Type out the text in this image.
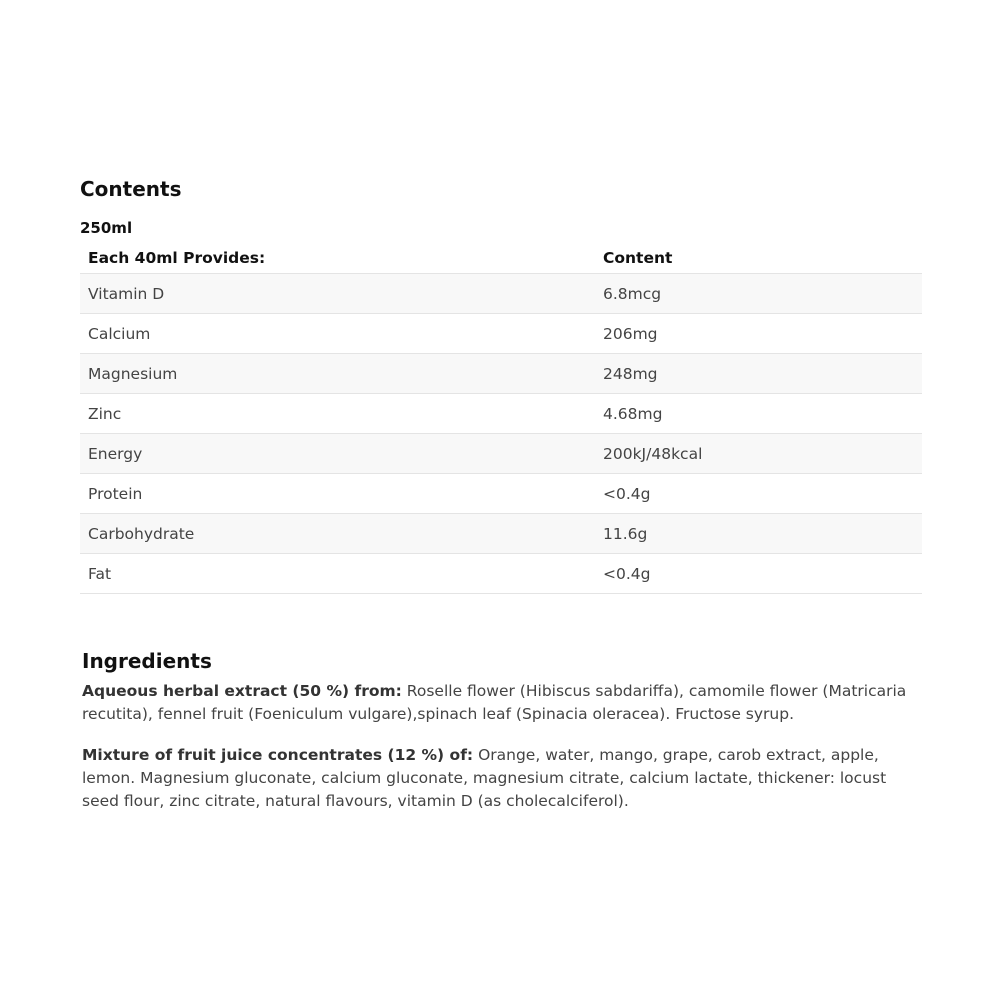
Contents
250ml
Each 40ml Provides:	Content
Vitamin D	6.8mcg
Calcium	206mg
Magnesium	248mg
Zinc	4.68mg
Energy	200kJ/48kcal
Protein	<0.4g
Carbohydrate	11.6g
Fat	<0.4g
Ingredients

Aqueous herbal extract (50 %) from: Roselle flower (Hibiscus sabdariffa), camomile flower (Matricaria recutita), fennel fruit (Foeniculum vulgare),spinach leaf (Spinacia oleracea). Fructose syrup.

Mixture of fruit juice concentrates (12 %) of: Orange, water, mango, grape, carob extract, apple, lemon. Magnesium gluconate, calcium gluconate, magnesium citrate, calcium lactate, thickener: locust seed flour, zinc citrate, natural flavours, vitamin D (as cholecalciferol).
